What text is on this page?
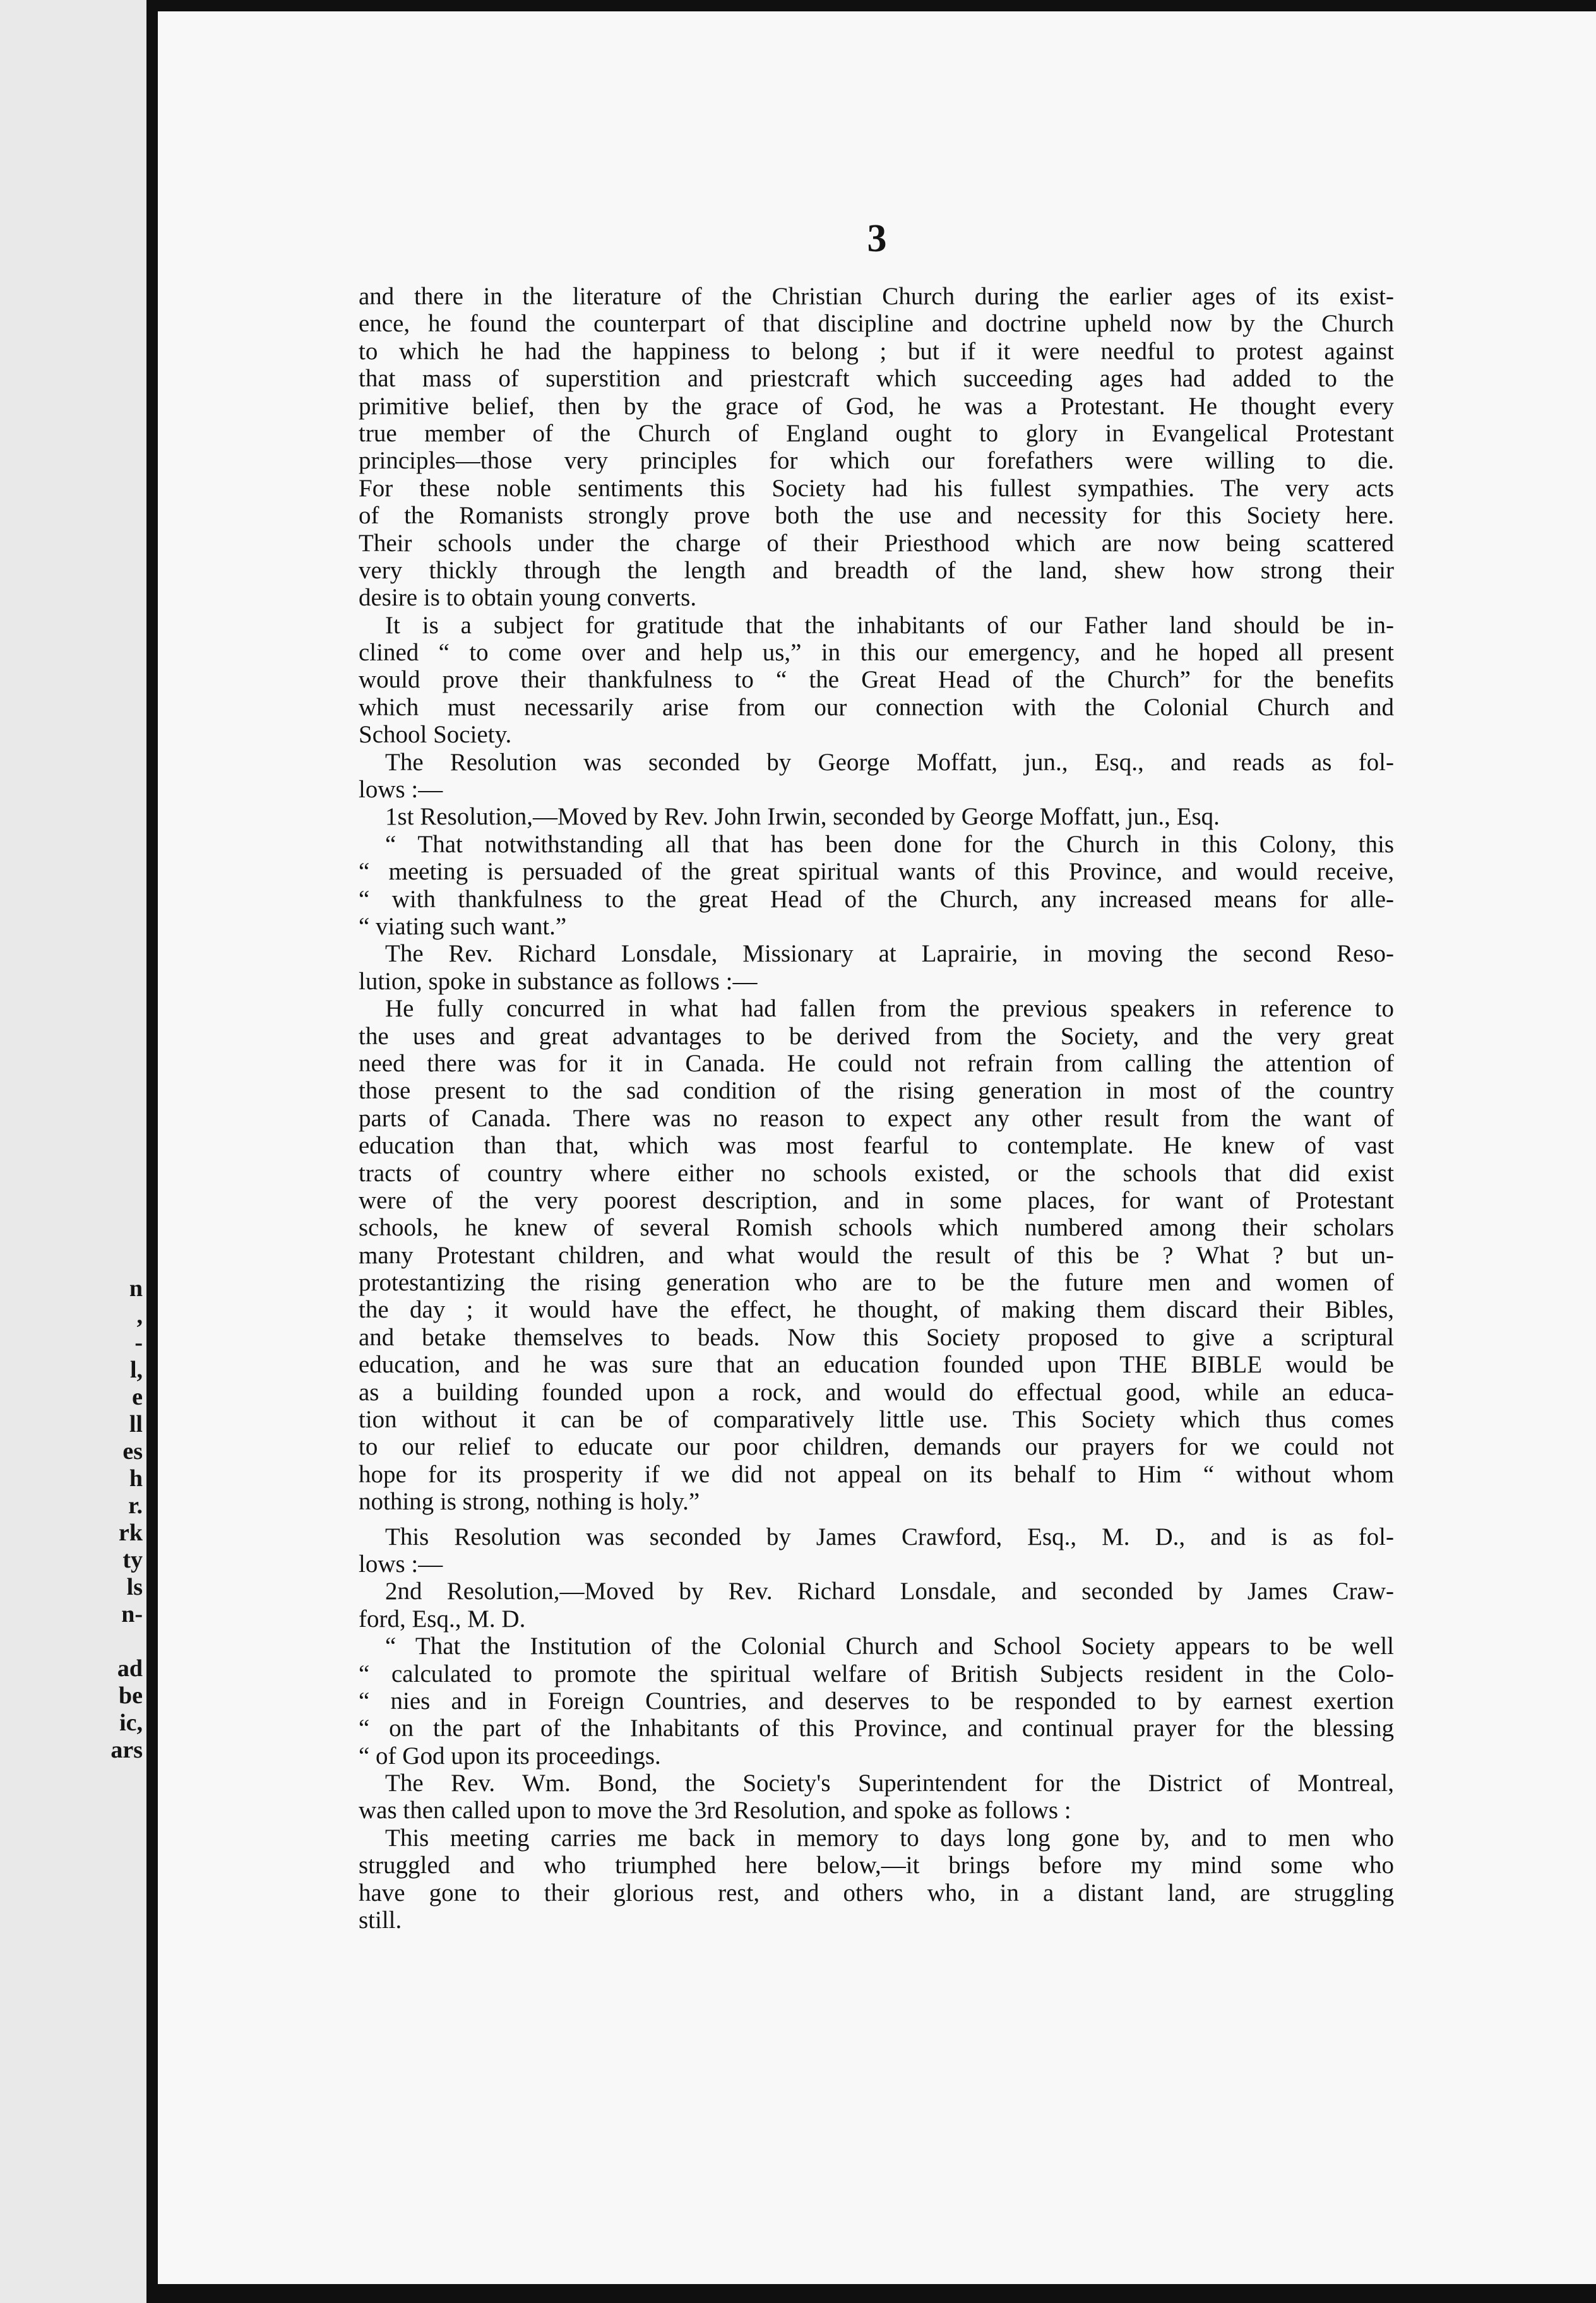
n
,
-
l,
e
ll
es
h
r.
rk
ty
ls
n-
ad
be
ic,
ars
3
and there in the literature of the Christian Church during the earlier ages of its exist-
ence, he found the counterpart of that discipline and doctrine upheld now by the Church
to which he had the happiness to belong ; but if it were needful to protest against
that mass of superstition and priestcraft which succeeding ages had added to the
primitive belief, then by the grace of God, he was a Protestant. He thought every
true member of the Church of England ought to glory in Evangelical Protestant
principles—those very principles for which our forefathers were willing to die.
For these noble sentiments this Society had his fullest sympathies. The very acts
of the Romanists strongly prove both the use and necessity for this Society here.
Their schools under the charge of their Priesthood which are now being scattered
very thickly through the length and breadth of the land, shew how strong their
desire is to obtain young converts.
It is a subject for gratitude that the inhabitants of our Father land should be in-
clined “ to come over and help us,” in this our emergency, and he hoped all present
would prove their thankfulness to “ the Great Head of the Church” for the benefits
which must necessarily arise from our connection with the Colonial Church and
School Society.
The Resolution was seconded by George Moffatt, jun., Esq., and reads as fol-
lows :—
1st Resolution,—Moved by Rev. John Irwin, seconded by George Moffatt, jun., Esq.
“ That notwithstanding all that has been done for the Church in this Colony, this
“ meeting is persuaded of the great spiritual wants of this Province, and would receive,
“ with thankfulness to the great Head of the Church, any increased means for alle-
“ viating such want.”
The Rev. Richard Lonsdale, Missionary at Laprairie, in moving the second Reso-
lution, spoke in substance as follows :—
He fully concurred in what had fallen from the previous speakers in reference to
the uses and great advantages to be derived from the Society, and the very great
need there was for it in Canada. He could not refrain from calling the attention of
those present to the sad condition of the rising generation in most of the country
parts of Canada. There was no reason to expect any other result from the want of
education than that, which was most fearful to contemplate. He knew of vast
tracts of country where either no schools existed, or the schools that did exist
were of the very poorest description, and in some places, for want of Protestant
schools, he knew of several Romish schools which numbered among their scholars
many Protestant children, and what would the result of this be ? What ? but un-
protestantizing the rising generation who are to be the future men and women of
the day ; it would have the effect, he thought, of making them discard their Bibles,
and betake themselves to beads. Now this Society proposed to give a scriptural
education, and he was sure that an education founded upon THE BIBLE would be
as a building founded upon a rock, and would do effectual good, while an educa-
tion without it can be of comparatively little use. This Society which thus comes
to our relief to educate our poor children, demands our prayers for we could not
hope for its prosperity if we did not appeal on its behalf to Him “ without whom
nothing is strong, nothing is holy.”
This Resolution was seconded by James Crawford, Esq., M. D., and is as fol-
lows :—
2nd Resolution,—Moved by Rev. Richard Lonsdale, and seconded by James Craw-
ford, Esq., M. D.
“ That the Institution of the Colonial Church and School Society appears to be well
“ calculated to promote the spiritual welfare of British Subjects resident in the Colo-
“ nies and in Foreign Countries, and deserves to be responded to by earnest exertion
“ on the part of the Inhabitants of this Province, and continual prayer for the blessing
“ of God upon its proceedings.
The Rev. Wm. Bond, the Society's Superintendent for the District of Montreal,
was then called upon to move the 3rd Resolution, and spoke as follows :
This meeting carries me back in memory to days long gone by, and to men who
struggled and who triumphed here below,—it brings before my mind some who
have gone to their glorious rest, and others who, in a distant land, are struggling
still.
